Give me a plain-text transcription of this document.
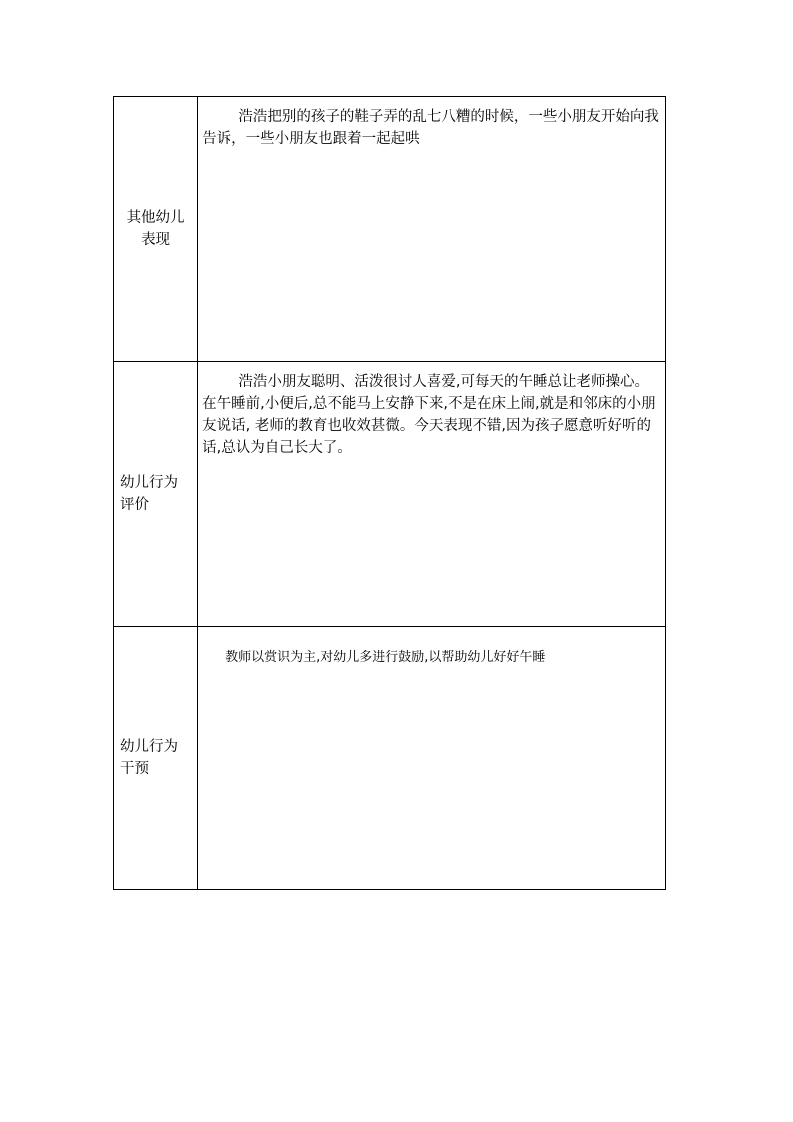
其他幼儿表现	浩浩把别的孩子的鞋子弄的乱七八糟的时候，一些小朋友开始向我告诉，一些小朋友也跟着一起起哄

幼儿行为评价	浩浩小朋友聪明、活泼很讨人喜爱,可每天的午睡总让老师操心。在午睡前,小便后,总不能马上安静下来,不是在床上闹,就是和邻床的小朋友说话, 老师的教育也收效甚微。今天表现不错,因为孩子愿意听好听的话,总认为自己长大了。

幼儿行为干预	教师以赏识为主,对幼儿多进行鼓励,以帮助幼儿好好午睡
